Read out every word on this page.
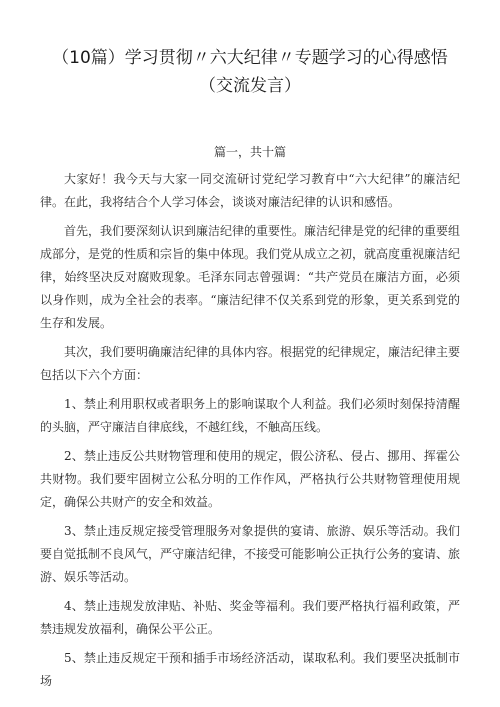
（10篇）学习贯彻〃六大纪律〃专题学习的心得感悟
（交流发言）
篇一，共十篇

大家好！我今天与大家一同交流研讨党纪学习教育中“六大纪律”的廉洁纪律。在此，我将结合个人学习体会，谈谈对廉洁纪律的认识和感悟。

首先，我们要深刻认识到廉洁纪律的重要性。廉洁纪律是党的纪律的重要组成部分，是党的性质和宗旨的集中体现。我们党从成立之初，就高度重视廉洁纪律，始终坚决反对腐败现象。毛泽东同志曾强调：“共产党员在廉洁方面，必须以身作则，成为全社会的表率。“廉洁纪律不仅关系到党的形象，更关系到党的生存和发展。

其次，我们要明确廉洁纪律的具体内容。根据党的纪律规定，廉洁纪律主要包括以下六个方面：

1、禁止利用职权或者职务上的影响谋取个人利益。我们必须时刻保持清醒的头脑，严守廉洁自律底线，不越红线，不触高压线。

2、禁止违反公共财物管理和使用的规定，假公济私、侵占、挪用、挥霍公共财物。我们要牢固树立公私分明的工作作风，严格执行公共财物管理使用规定，确保公共财产的安全和效益。

3、禁止违反规定接受管理服务对象提供的宴请、旅游、娱乐等活动。我们要自觉抵制不良风气，严守廉洁纪律，不接受可能影响公正执行公务的宴请、旅游、娱乐等活动。

4、禁止违规发放津贴、补贴、奖金等福利。我们要严格执行福利政策，严禁违规发放福利，确保公平公正。

5、禁止违反规定干预和插手市场经济活动，谋取私利。我们要坚决抵制市场
